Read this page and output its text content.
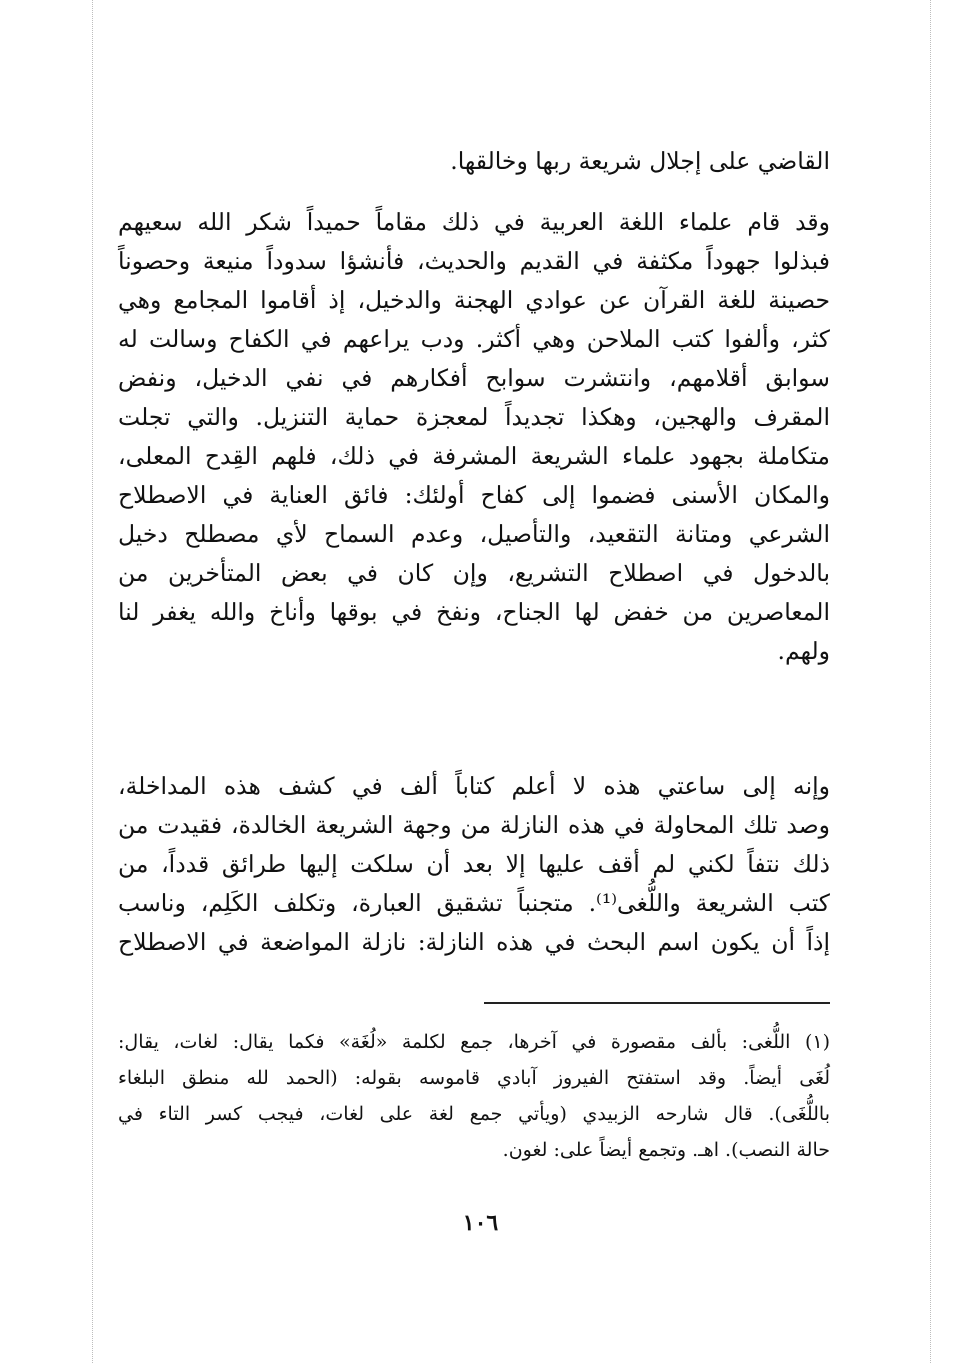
القاضي على إجلال شريعة ربها وخالقها.

وقد قام علماء اللغة العربية في ذلك مقاماً حميداً شكر الله سعيهم

فبذلوا جهوداً مكثفة في القديم والحديث، فأنشؤا سدوداً منيعة وحصوناً

حصينة للغة القرآن عن عوادي الهجنة والدخيل، إذ أقاموا المجامع وهي

كثر، وألفوا كتب الملاحن وهي أكثر. ودب يراعهم في الكفاح وسالت له

سوابق أقلامهم، وانتشرت سوابح أفكارهم في نفي الدخيل، ونفض

المقرف والهجين، وهكذا تجديداً لمعجزة حماية التنزيل. والتي تجلت

متكاملة بجهود علماء الشريعة المشرفة في ذلك، فلهم القِدح المعلى،

والمكان الأسنى فضموا إلى كفاح أولئك: فائق العناية في الاصطلاح

الشرعي ومتانة التقعيد، والتأصيل، وعدم السماح لأي مصطلح دخيل

بالدخول في اصطلاح التشريع، وإن كان في بعض المتأخرين من

المعاصرين من خفض لها الجناح، ونفخ في بوقها وأناخ والله يغفر لنا

ولهم.

وإنه إلى ساعتي هذه لا أعلم كتاباً ألف في كشف هذه المداخلة،

وصد تلك المحاولة في هذه النازلة من وجهة الشريعة الخالدة، فقيدت من

ذلك نتفاً لكني لم أقف عليها إلا بعد أن سلكت إليها طرائق قدداً، من

كتب الشريعة واللُّغى⁽¹⁾. متجنباً تشقيق العبارة، وتكلف الكَلِم، وناسب

إذاً أن يكون اسم البحث في هذه النازلة: نازلة المواضعة في الاصطلاح

(١) اللُّغى: بألف مقصورة في آخرها، جمع لكلمة «لُغَة» فكما يقال: لغات، يقال:

لُغَى أيضاً. وقد استفتح الفيروز آبادي قاموسه بقوله: (الحمد لله منطق البلغاء

باللُّغَى). قال شارحه الزبيدي (ويأتي جمع لغة على لغات، فيجب كسر التاء في

حالة النصب). اهـ. وتجمع أيضاً على: لغون.

١٠٦
